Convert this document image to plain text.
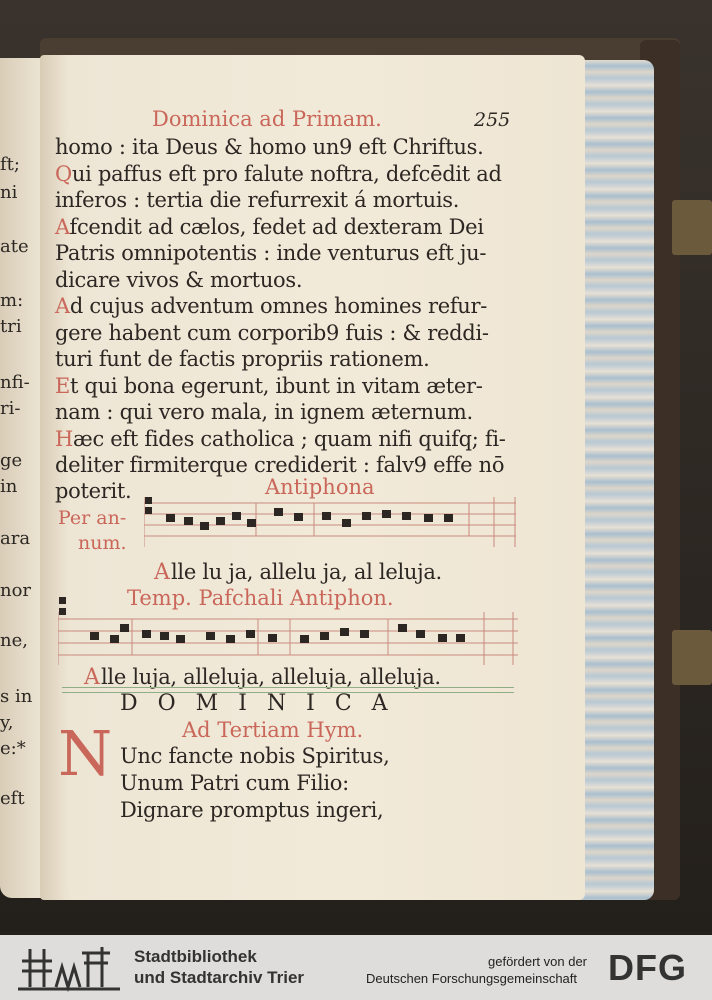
ft;
ni
ate
m:
tri
nfi-
ri-
ge
in
ara
nor
ne,
s in
y,
e:*
eft
Dominica ad Primam.	255
homo : ita Deus & homo un9 eft Chriftus.
Qui paffus eft pro falute noftra, defcēdit ad
inferos : tertia die refurrexit á mortuis.
Afcendit ad cælos, fedet ad dexteram Dei
Patris omnipotentis : inde venturus eft ju-
dicare vivos & mortuos.
Ad cujus adventum omnes homines refur-
gere habent cum corporib9 fuis : & reddi-
turi funt de factis propriis rationem.
Et qui bona egerunt, ibunt in vitam æter-
nam : qui vero mala, in ignem æternum.
Hæc eft fides catholica ; quam nifi quifq; fi-
deliter firmiterque crediderit : falv9 effe nō
poterit.	Antiphona
Per an-
num.
A lle lu ja, allelu ja, al leluja.
Temp. Pafchali Antiphon.
A lle luja, alleluja, alleluja, alleluja.
DOMINICA
Ad Tertiam Hym.
N Unc fancte nobis Spiritus,
Unum Patri cum Filio:
Dignare promptus ingeri,
Stadtbibliothek
und Stadtarchiv Trier
gefördert von der
Deutschen Forschungsgemeinschaft DFG
